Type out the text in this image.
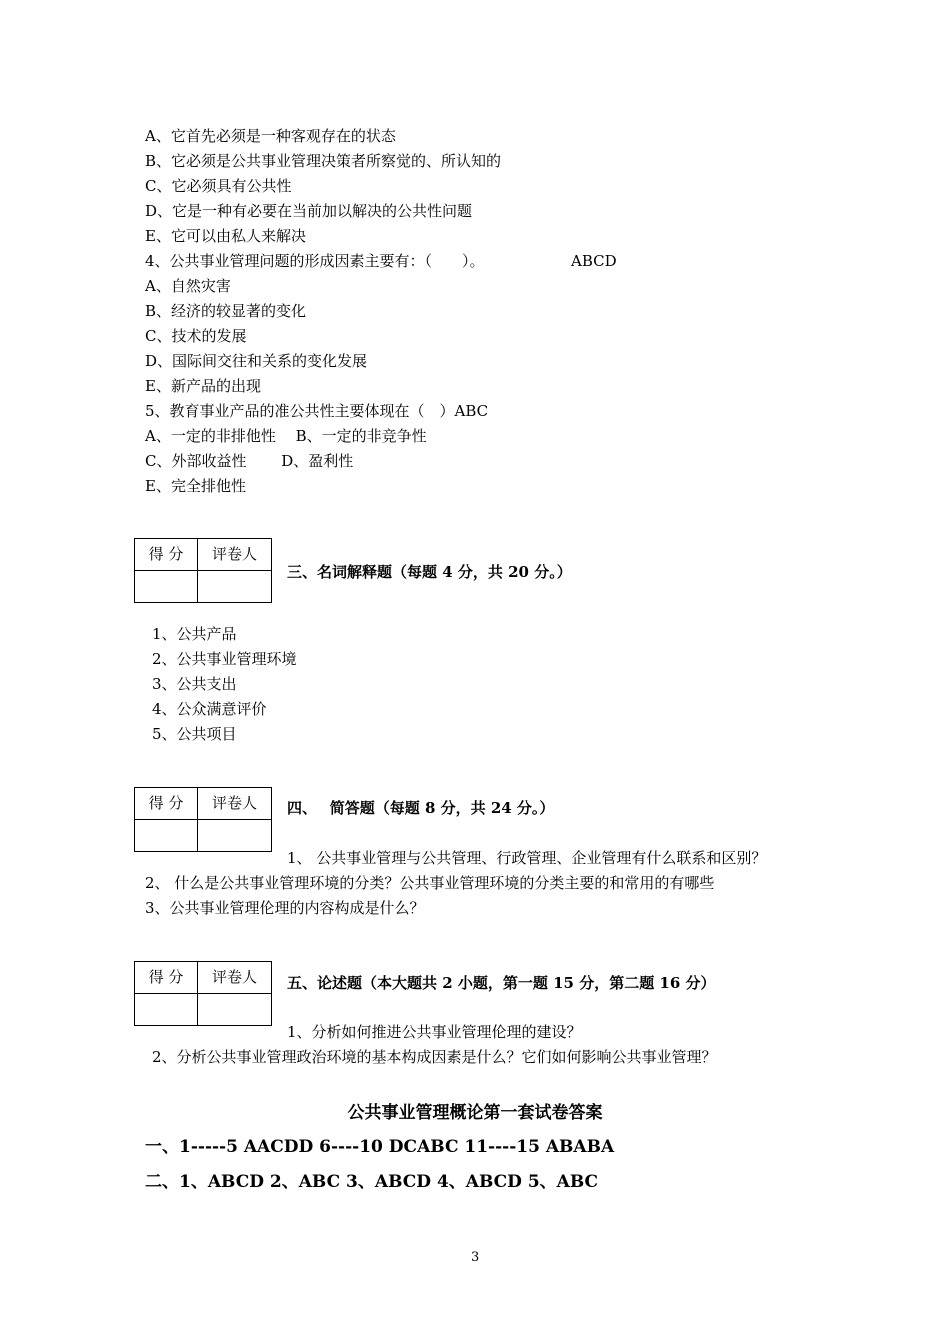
A、它首先必须是一种客观存在的状态
B、它必须是公共事业管理决策者所察觉的、所认知的
C、它必须具有公共性
D、它是一种有必要在当前加以解决的公共性问题
E、它可以由私人来解决
4、公共事业管理问题的形成因素主要有：（　　）。	ABCD
A、自然灾害
B、经济的较显著的变化
C、技术的发展
D、国际间交往和关系的变化发展
E、新产品的出现
5、教育事业产品的准公共性主要体现在（　）ABC
A、一定的非排他性　 B、一定的非竞争性
C、外部收益性　　 D、盈利性
E、完全排他性
得 分	评卷人

三、名词解释题（每题 4 分，共 20 分。）
1、公共产品
2、公共事业管理环境
3、公共支出
4、公众满意评价
5、公共项目
得 分	评卷人
	四、　 简答题（每题 8 分，共 24 分。）
1、 公共事业管理与公共管理、行政管理、企业管理有什么联系和区别？
2、 什么是公共事业管理环境的分类？公共事业管理环境的分类主要的和常用的有哪些
3、公共事业管理伦理的内容构成是什么？
得 分	评卷人
	五、论述题（本大题共 2 小题，第一题 15 分，第二题 16 分）
1、分析如何推进公共事业管理伦理的建设？
2、分析公共事业管理政治环境的基本构成因素是什么？它们如何影响公共事业管理？
公共事业管理概论第一套试卷答案
一、1-----5 AACDD 6----10 DCABC 11----15 ABABA
二、1、ABCD 2、ABC 3、ABCD 4、ABCD 5、ABC
3
